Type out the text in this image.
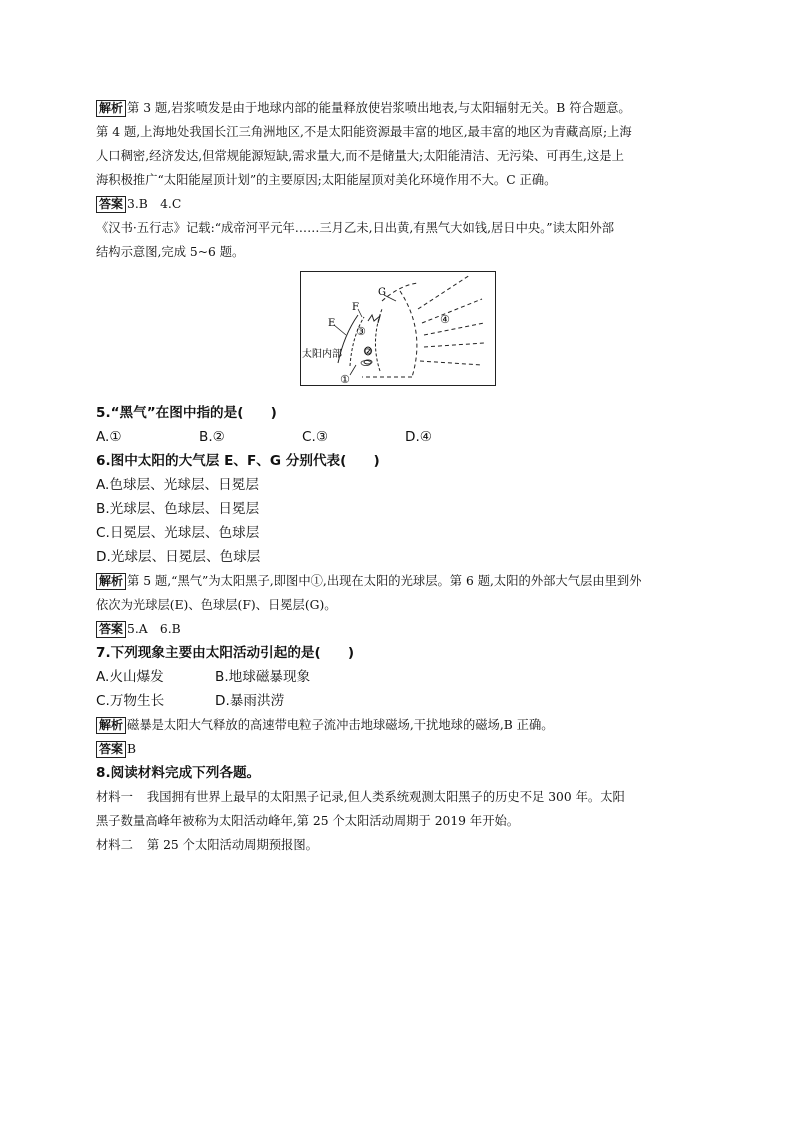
解析 第 3 题,岩浆喷发是由于地球内部的能量释放使岩浆喷出地表,与太阳辐射无关。B 符合题意。
第 4 题,上海地处我国长江三角洲地区,不是太阳能资源最丰富的地区,最丰富的地区为青藏高原;上海
人口稠密,经济发达,但常规能源短缺,需求量大,而不是储量大;太阳能清洁、无污染、可再生,这是上
海积极推广“太阳能屋顶计划”的主要原因;太阳能屋顶对美化环境作用不大。C 正确。

答案 3.B　4.C

《汉书·五行志》记载:“成帝河平元年……三月乙未,日出黄,有黑气大如钱,居日中央。”读太阳外部
结构示意图,完成 5~6 题。

E
F
G
太阳内部
①
②
③
④

5.“黑气”在图中指的是(　　)

A.①	B.②	C.③	D.④

6.图中太阳的大气层 E、F、G 分别代表(　　)

A.色球层、光球层、日冕层

B.光球层、色球层、日冕层

C.日冕层、光球层、色球层

D.光球层、日冕层、色球层

解析 第 5 题,“黑气”为太阳黑子,即图中①,出现在太阳的光球层。第 6 题,太阳的外部大气层由里到外
依次为光球层(E)、色球层(F)、日冕层(G)。

答案 5.A　6.B

7.下列现象主要由太阳活动引起的是(　　)

A.火山爆发	B.地球磁暴现象

C.万物生长	D.暴雨洪涝

解析 磁暴是太阳大气释放的高速带电粒子流冲击地球磁场,干扰地球的磁场,B 正确。

答案 B

8.阅读材料完成下列各题。

材料一 我国拥有世界上最早的太阳黑子记录,但人类系统观测太阳黑子的历史不足 300 年。太阳
黑子数量高峰年被称为太阳活动峰年,第 25 个太阳活动周期于 2019 年开始。

材料二 第 25 个太阳活动周期预报图。
